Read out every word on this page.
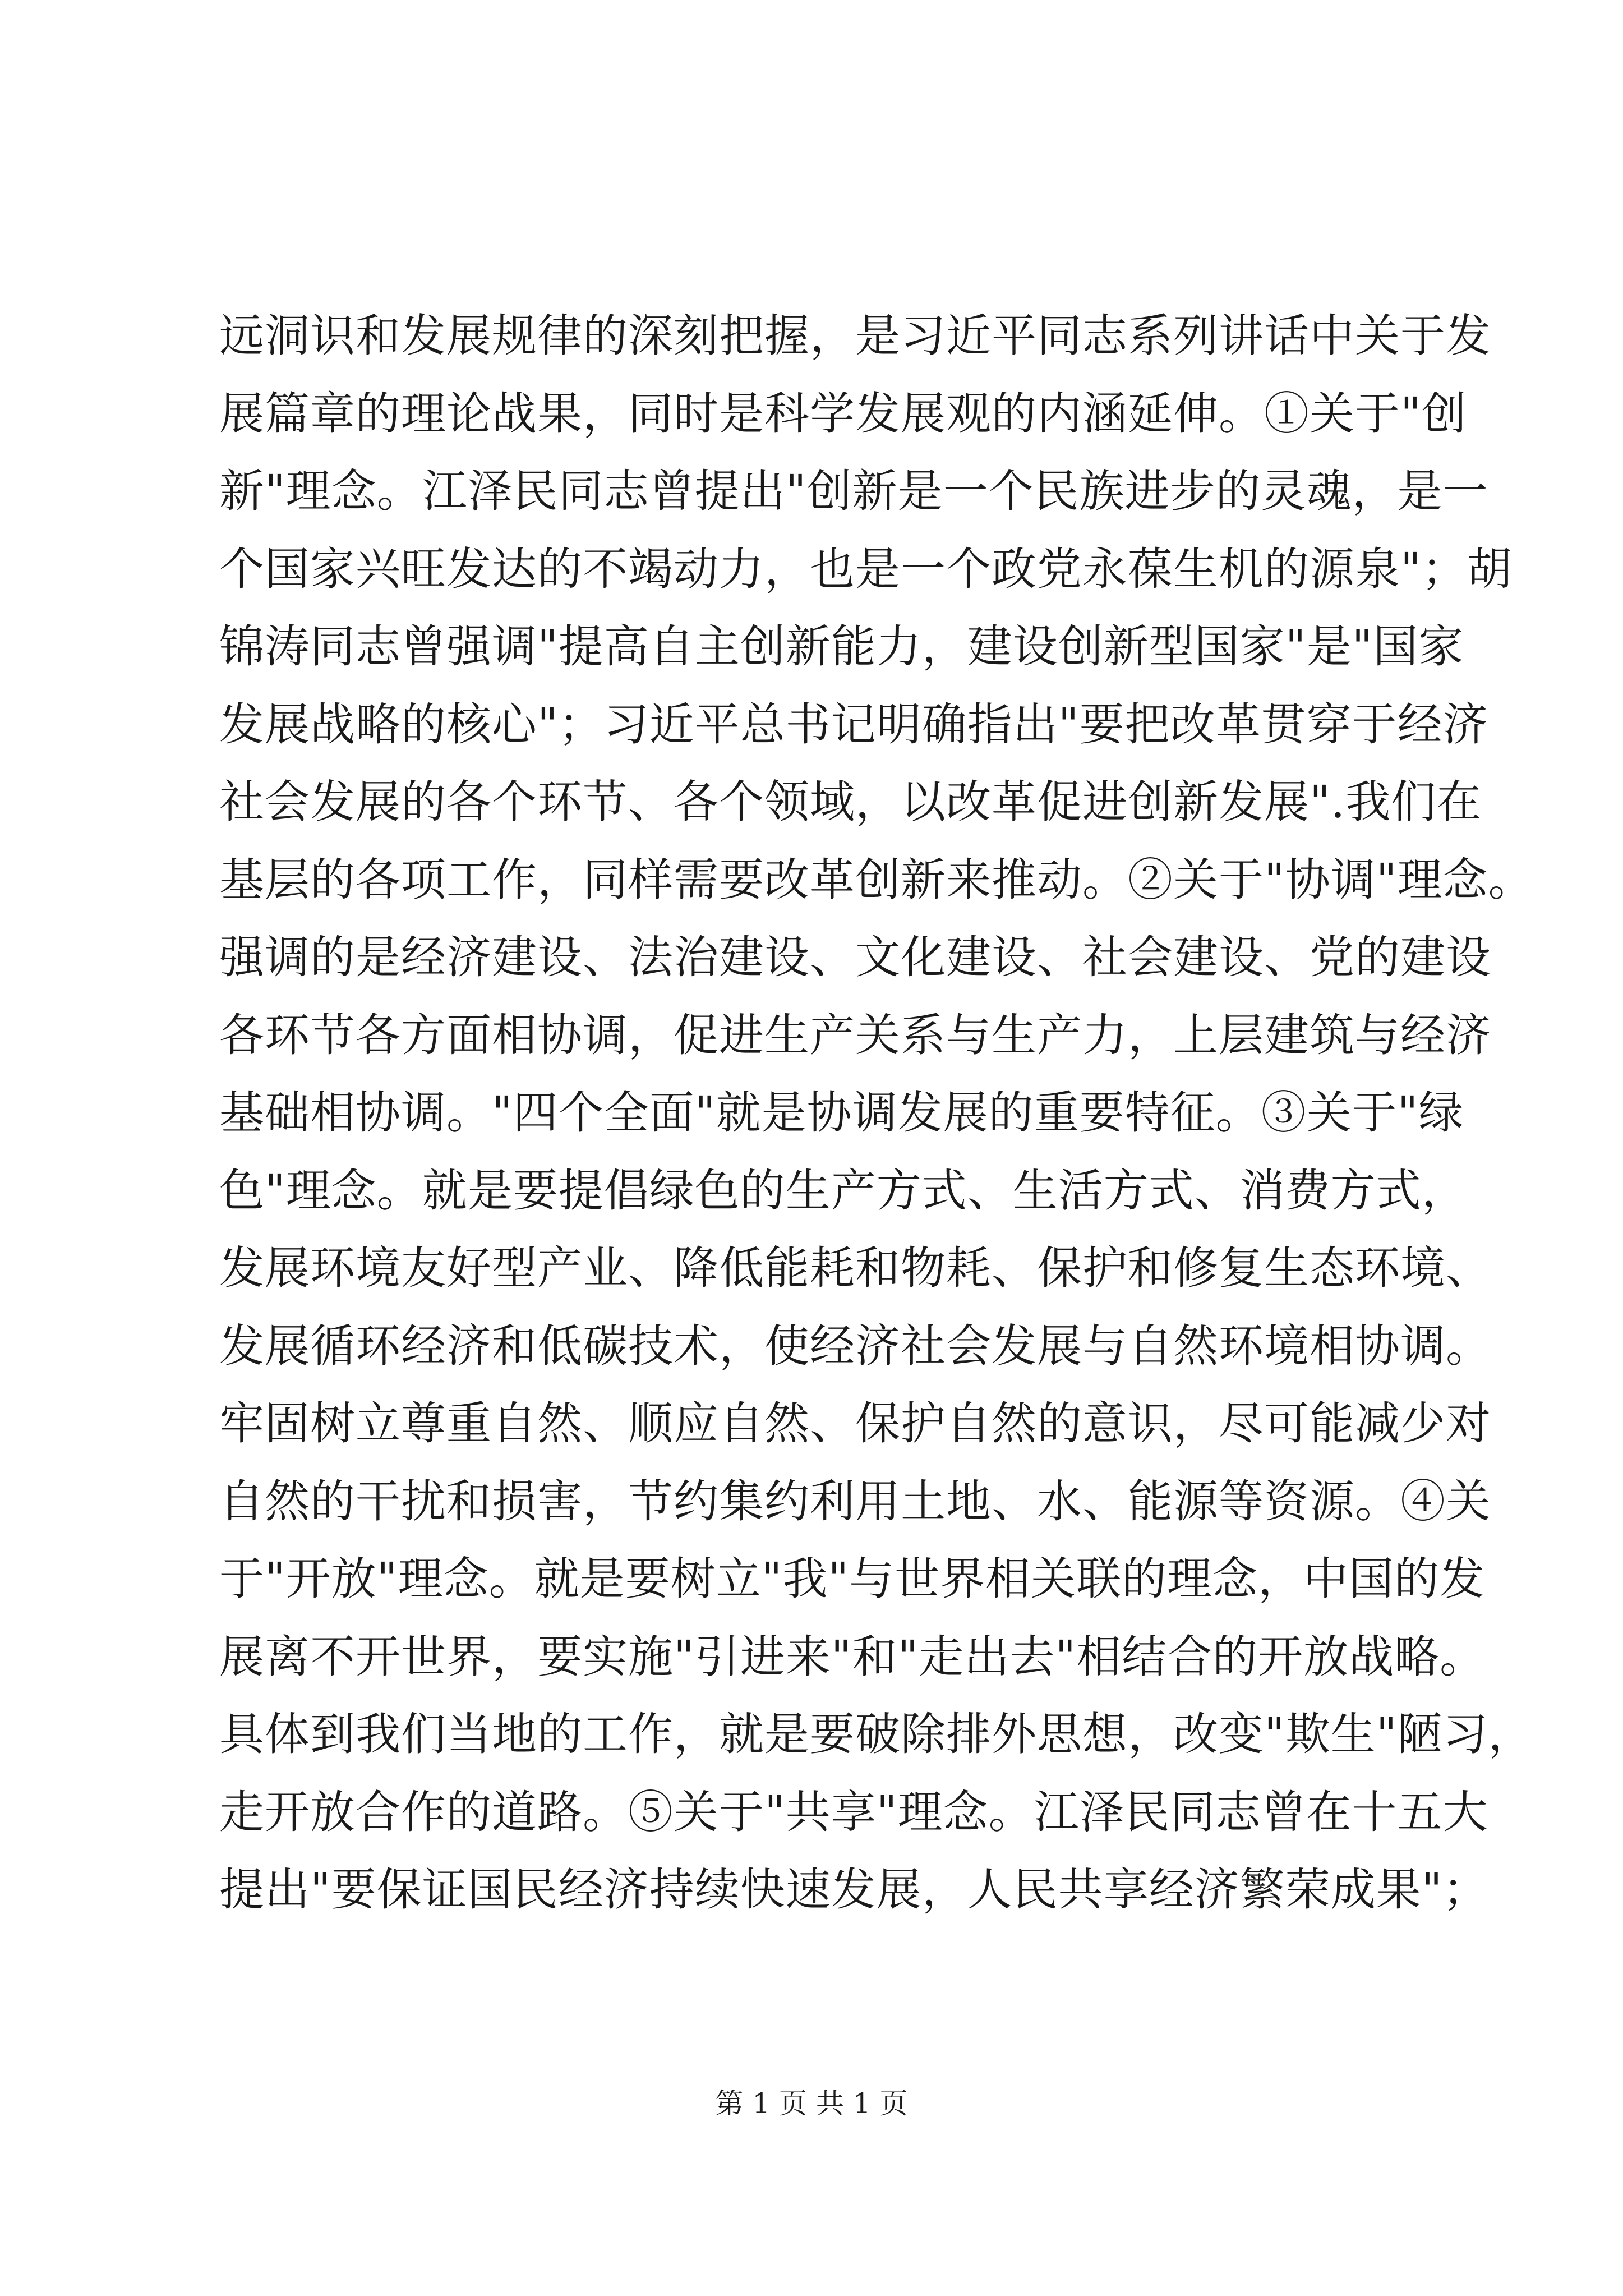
远洞识和发展规律的深刻把握，是习近平同志系列讲话中关于发
展篇章的理论战果，同时是科学发展观的内涵延伸。①关于"创
新"理念。江泽民同志曾提出"创新是一个民族进步的灵魂，是一
个国家兴旺发达的不竭动力，也是一个政党永葆生机的源泉"；胡
锦涛同志曾强调"提高自主创新能力，建设创新型国家"是"国家
发展战略的核心"；习近平总书记明确指出"要把改革贯穿于经济
社会发展的各个环节、各个领域，以改革促进创新发展".我们在
基层的各项工作，同样需要改革创新来推动。②关于"协调"理念。
强调的是经济建设、法治建设、文化建设、社会建设、党的建设
各环节各方面相协调，促进生产关系与生产力，上层建筑与经济
基础相协调。"四个全面"就是协调发展的重要特征。③关于"绿
色"理念。就是要提倡绿色的生产方式、生活方式、消费方式，
发展环境友好型产业、降低能耗和物耗、保护和修复生态环境、
发展循环经济和低碳技术，使经济社会发展与自然环境相协调。
牢固树立尊重自然、顺应自然、保护自然的意识，尽可能减少对
自然的干扰和损害，节约集约利用土地、水、能源等资源。④关
于"开放"理念。就是要树立"我"与世界相关联的理念，中国的发
展离不开世界，要实施"引进来"和"走出去"相结合的开放战略。
具体到我们当地的工作，就是要破除排外思想，改变"欺生"陋习，
走开放合作的道路。⑤关于"共享"理念。江泽民同志曾在十五大
提出"要保证国民经济持续快速发展，人民共享经济繁荣成果"；
第 1 页 共 1 页
